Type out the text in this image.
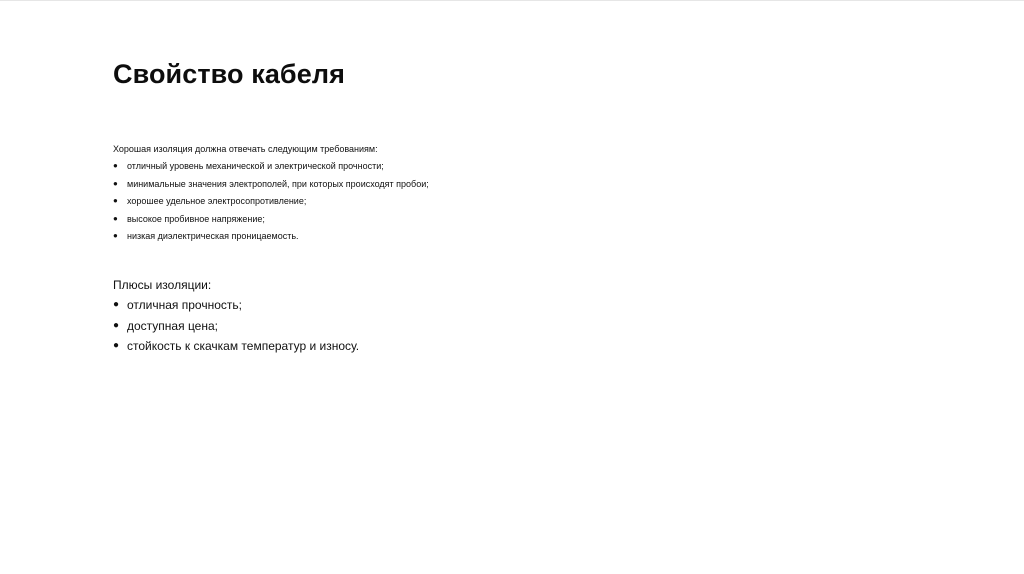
Свойство кабеля

Хорошая изоляция должна отвечать следующим требованиям:

● отличный уровень механической и электрической прочности;
● минимальные значения электрополей, при которых происходят пробои;
● хорошее удельное электросопротивление;
● высокое пробивное напряжение;
● низкая диэлектрическая проницаемость.

Плюсы изоляции:

● отличная прочность;
● доступная цена;
● стойкость к скачкам температур и износу.
